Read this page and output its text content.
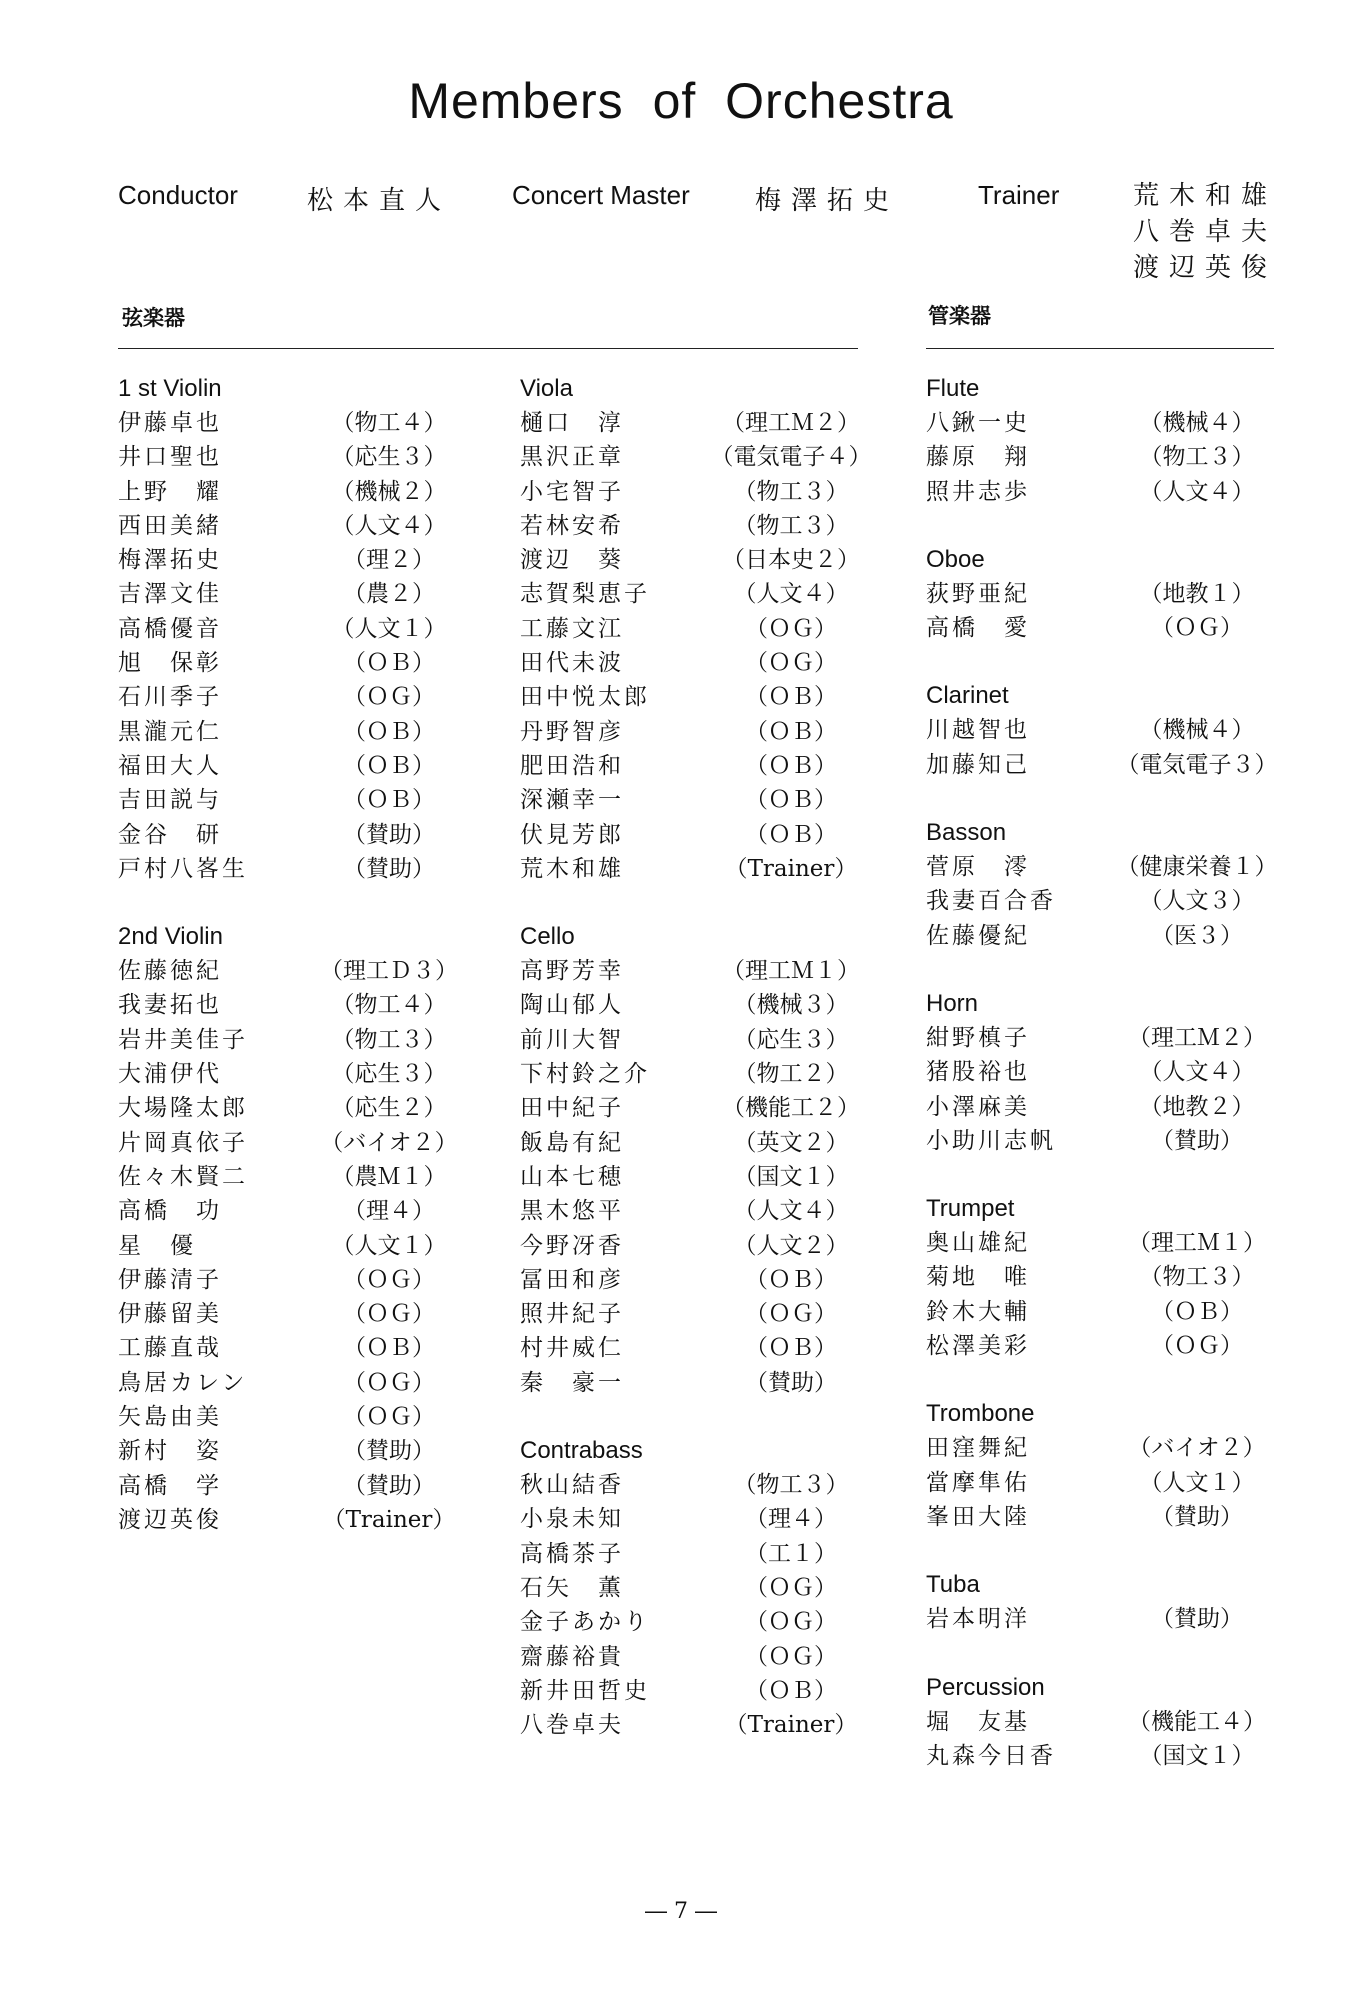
Members of Orchestra
Conductor	松本直人 Concert Master	梅澤拓史	Trainer	荒木和雄
八巻卓夫
渡辺英俊
弦楽器	管楽器
1 st Violin
伊藤卓也	（物工４）
井口聖也	（応生３）
上野　耀	（機械２）
西田美緒	（人文４）
梅澤拓史	（理２）
吉澤文佳	（農２）
高橋優音	（人文１）
旭　保彰	（ＯＢ）
石川季子	（ＯＧ）
黒瀧元仁	（ＯＢ）
福田大人	（ＯＢ）
吉田説与	（ＯＢ）
金谷　研	（賛助）
戸村八峉生	（賛助）
2nd Violin
佐藤徳紀	（理工Ｄ３）
我妻拓也	（物工４）
岩井美佳子	（物工３）
大浦伊代	（応生３）
大場隆太郎	（応生２）
片岡真依子	（バイオ２）
佐々木賢二	（農Ｍ１）
高橋　功	（理４）
星　優	（人文１）
伊藤清子	（ＯＧ）
伊藤留美	（ＯＧ）
工藤直哉	（ＯＢ）
鳥居カレン	（ＯＧ）
矢島由美	（ＯＧ）
新村　姿	（賛助）
高橋　学	（賛助）
渡辺英俊	（Trainer）
Viola
樋口　淳	（理工Ｍ２）
黒沢正章	（電気電子４）
小宅智子	（物工３）
若林安希	（物工３）
渡辺　葵	（日本史２）
志賀梨恵子	（人文４）
工藤文江	（ＯＧ）
田代未波	（ＯＧ）
田中悦太郎	（ＯＢ）
丹野智彦	（ＯＢ）
肥田浩和	（ＯＢ）
深瀬幸一	（ＯＢ）
伏見芳郎	（ＯＢ）
荒木和雄	（Trainer）
Cello
高野芳幸	（理工Ｍ１）
陶山郁人	（機械３）
前川大智	（応生３）
下村鈴之介	（物工２）
田中紀子	（機能工２）
飯島有紀	（英文２）
山本七穂	（国文１）
黒木悠平	（人文４）
今野冴香	（人文２）
冨田和彦	（ＯＢ）
照井紀子	（ＯＧ）
村井威仁	（ＯＢ）
秦　豪一	（賛助）
Contrabass
秋山結香	（物工３）
小泉未知	（理４）
高橋茶子	（工１）
石矢　薫	（ＯＧ）
金子あかり	（ＯＧ）
齋藤裕貴	（ＯＧ）
新井田哲史	（ＯＢ）
八巻卓夫	（Trainer）
Flute
八鍬一史	（機械４）
藤原　翔	（物工３）
照井志歩	（人文４）
Oboe
荻野亜紀	（地教１）
高橋　愛	（ＯＧ）
Clarinet
川越智也	（機械４）
加藤知己	（電気電子３）
Basson
菅原　澪	（健康栄養１）
我妻百合香	（人文３）
佐藤優紀	（医３）
Horn
紺野槙子	（理工Ｍ２）
猪股裕也	（人文４）
小澤麻美	（地教２）
小助川志帆	（賛助）
Trumpet
奥山雄紀	（理工Ｍ１）
菊地　唯	（物工３）
鈴木大輔	（ＯＢ）
松澤美彩	（ＯＧ）
Trombone
田窪舞紀	（バイオ２）
當摩隼佑	（人文１）
峯田大陸	（賛助）
Tuba
岩本明洋	（賛助）
Percussion
堀　友基	（機能工４）
丸森今日香	（国文１）
― 7 ―
